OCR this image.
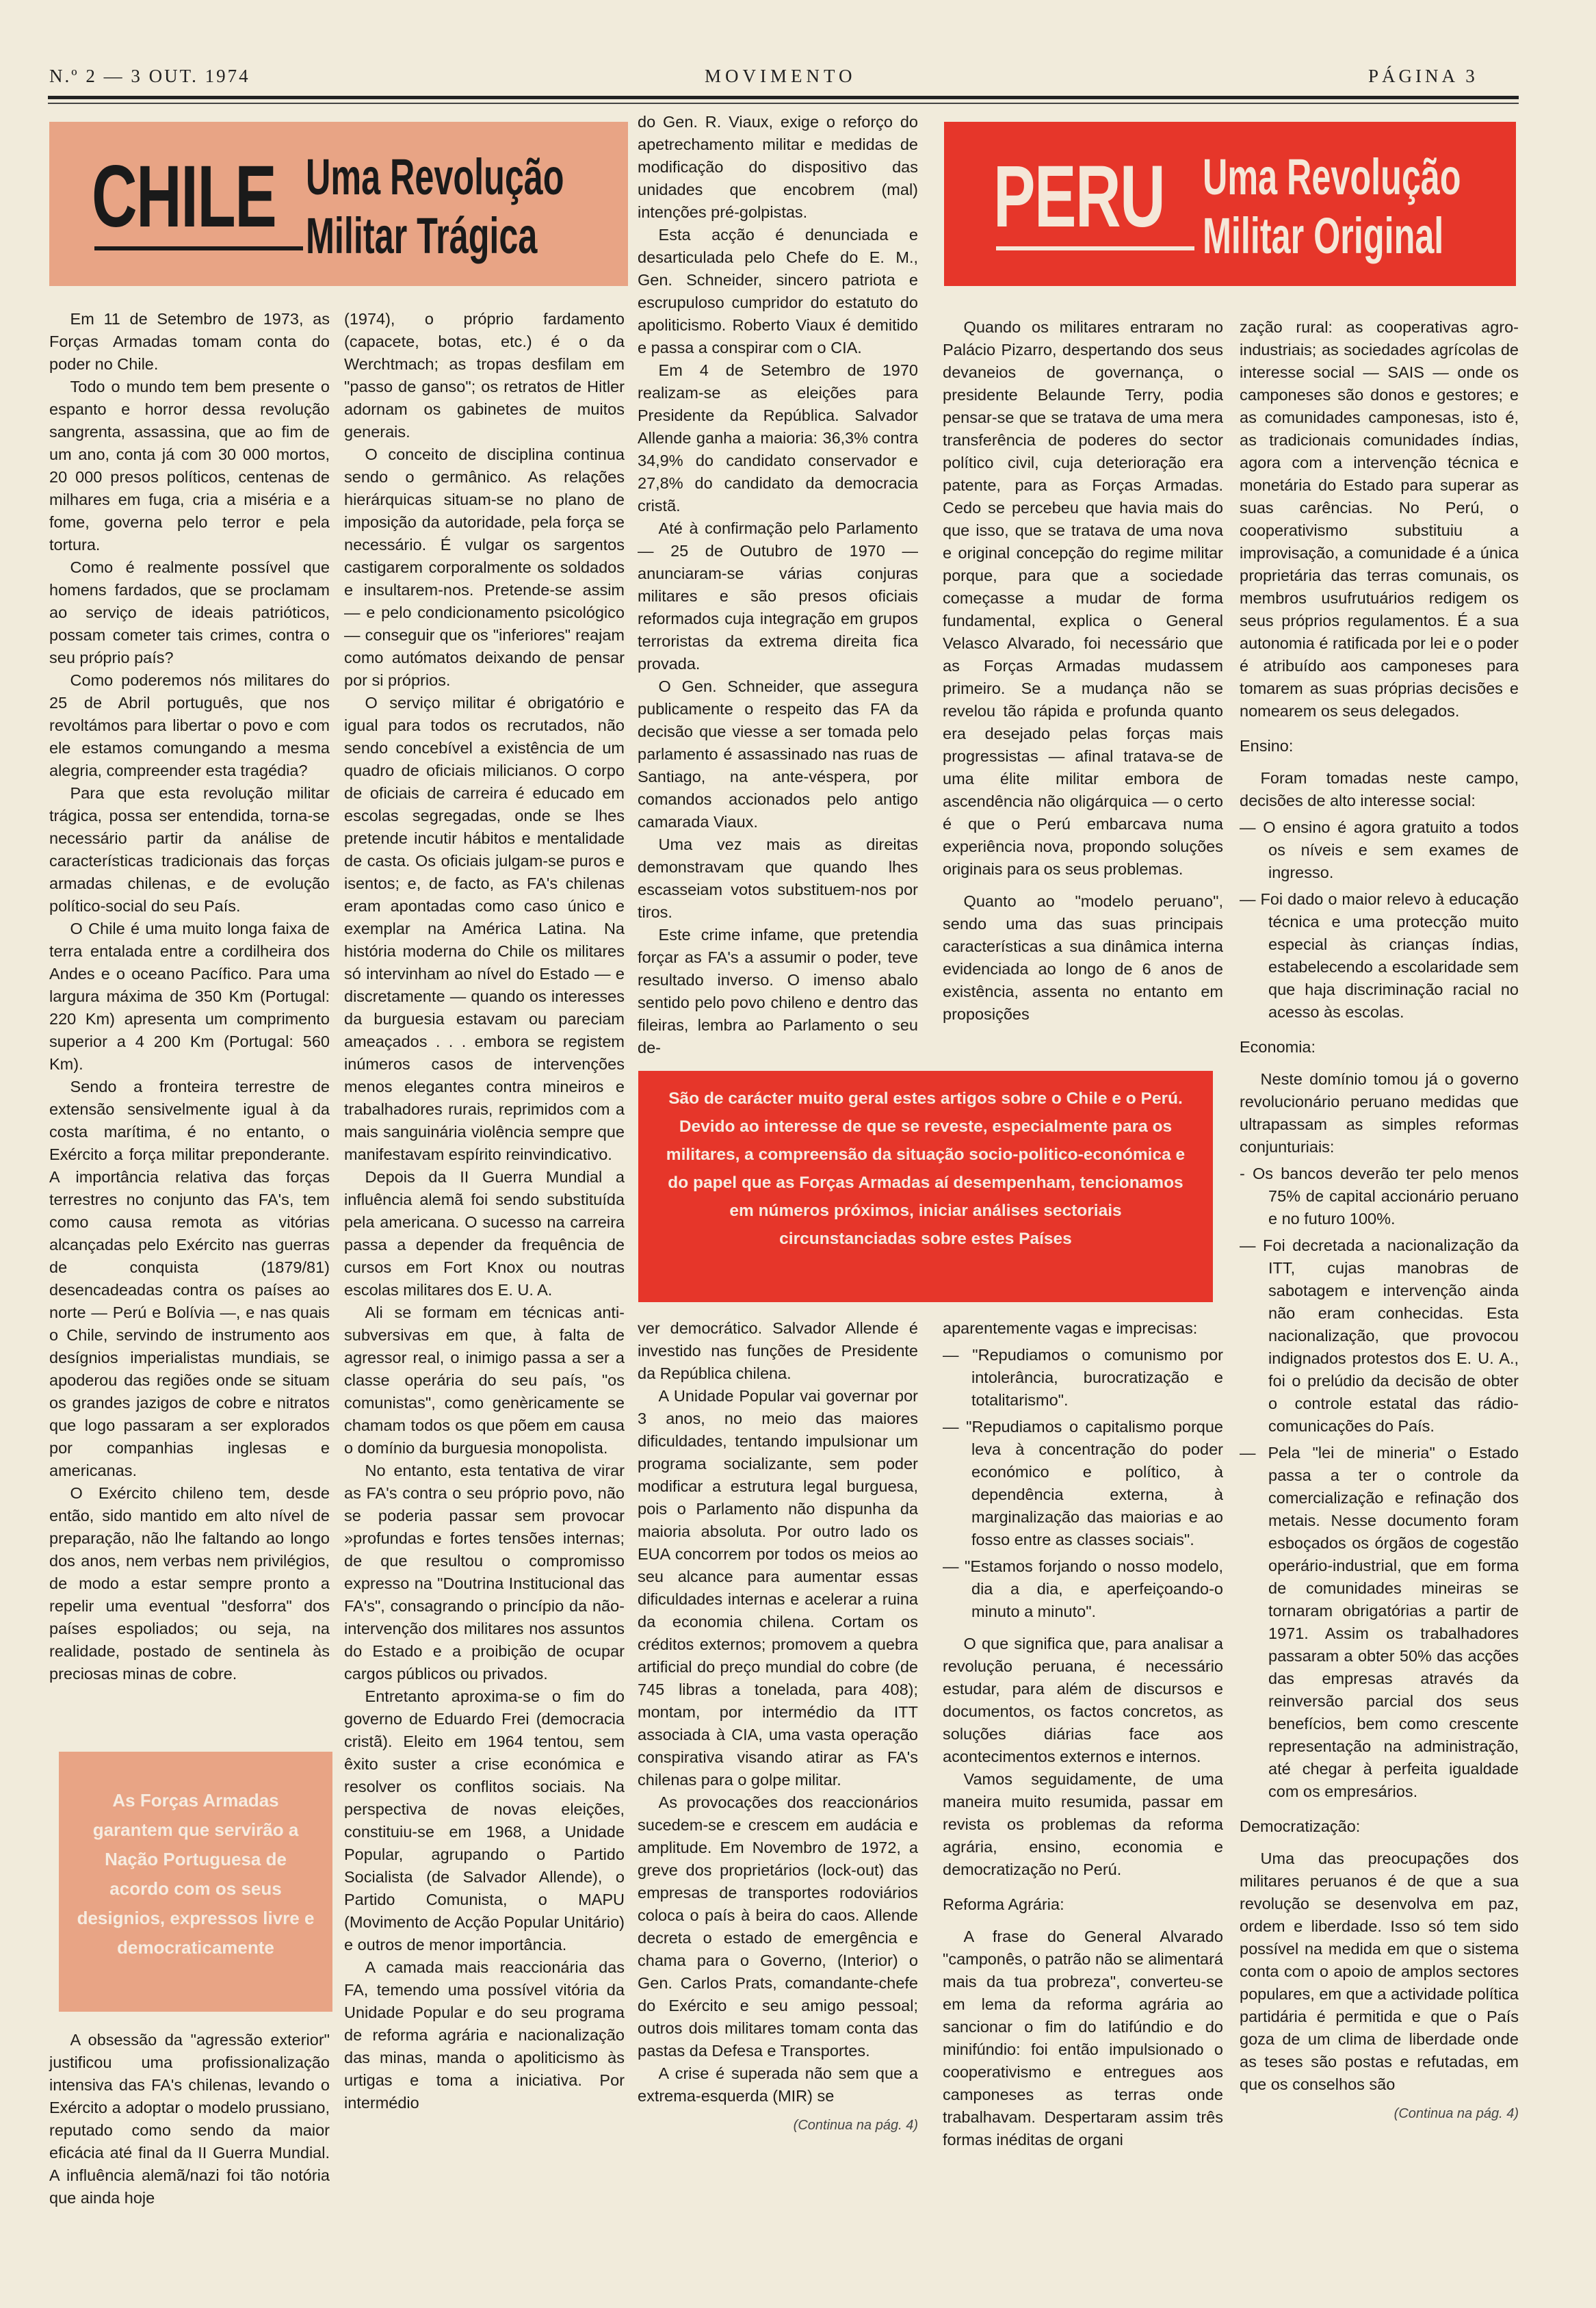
N.º 2 — 3 OUT. 1974	MOVIMENTO	PÁGINA 3
CHILE Uma Revolução
Militar Trágica	PERU Uma Revolução
Militar Original

Em 11 de Setembro de 1973, as Forças Armadas tomam conta do poder no Chile.

Todo o mundo tem bem presente o espanto e horror dessa revolução sangrenta, assassina, que ao fim de um ano, conta já com 30 000 mortos, 20 000 presos políticos, centenas de milhares em fuga, cria a miséria e a fome, governa pelo terror e pela tortura.

Como é realmente possível que homens fardados, que se proclamam ao serviço de ideais patrióticos, possam cometer tais crimes, contra o seu próprio país?

Como poderemos nós militares do 25 de Abril português, que nos revoltámos para libertar o povo e com ele estamos comungando a mesma alegria, compreender esta tragédia?

Para que esta revolução militar trágica, possa ser entendida, torna-se necessário partir da análise de características tradicionais das forças armadas chilenas, e de evolução político-social do seu País.

O Chile é uma muito longa faixa de terra entalada entre a cordilheira dos Andes e o oceano Pacífico. Para uma largura máxima de 350 Km (Portugal: 220 Km) apresenta um comprimento superior a 4 200 Km (Portugal: 560 Km).

Sendo a fronteira terrestre de extensão sensivelmente igual à da costa marítima, é no entanto, o Exército a força militar preponderante. A importância relativa das forças terrestres no conjunto das FA's, tem como causa remota as vitórias alcançadas pelo Exército nas guerras de conquista (1879/81) desencadeadas contra os países ao norte — Perú e Bolívia —, e nas quais o Chile, servindo de instrumento aos desígnios imperialistas mundiais, se apoderou das regiões onde se situam os grandes jazigos de cobre e nitratos que logo passaram a ser explorados por companhias inglesas e americanas.

O Exército chileno tem, desde então, sido mantido em alto nível de preparação, não lhe faltando ao longo dos anos, nem verbas nem privilégios, de modo a estar sempre pronto a repelir uma eventual "desforra" dos países espoliados; ou seja, na realidade, postado de sentinela às preciosas minas de cobre.

As Forças Armadas garantem que servirão a Nação Portuguesa de acordo com os seus designios, expressos livre e democraticamente

A obsessão da "agressão exterior" justificou uma profissionalização intensiva das FA's chilenas, levando o Exército a adoptar o modelo prussiano, reputado como sendo da maior eficácia até final da II Guerra Mundial. A influência alemã/nazi foi tão notória que ainda hoje

(1974), o próprio fardamento (capacete, botas, etc.) é o da Werchtmach; as tropas desfilam em "passo de ganso"; os retratos de Hitler adornam os gabinetes de muitos generais.

O conceito de disciplina continua sendo o germânico. As relações hierárquicas situam-se no plano de imposição da autoridade, pela força se necessário. É vulgar os sargentos castigarem corporalmente os soldados e insultarem-nos. Pretende-se assim — e pelo condicionamento psicológico — conseguir que os "inferiores" reajam como autómatos deixando de pensar por si próprios.

O serviço militar é obrigatório e igual para todos os recrutados, não sendo concebível a existência de um quadro de oficiais milicianos. O corpo de oficiais de carreira é educado em escolas segregadas, onde se lhes pretende incutir hábitos e mentalidade de casta. Os oficiais julgam-se puros e isentos; e, de facto, as FA's chilenas eram apontadas como caso único e exemplar na América Latina. Na história moderna do Chile os militares só intervinham ao nível do Estado — e discretamente — quando os interesses da burguesia estavam ou pareciam ameaçados . . . embora se registem inúmeros casos de intervenções menos elegantes contra mineiros e trabalhadores rurais, reprimidos com a mais sanguinária violência sempre que manifestavam espírito reinvindicativo.

Depois da II Guerra Mundial a influência alemã foi sendo substituída pela americana. O sucesso na carreira passa a depender da frequência de cursos em Fort Knox ou noutras escolas militares dos E. U. A.

Ali se formam em técnicas anti-subversivas em que, à falta de agressor real, o inimigo passa a ser a classe operária do seu país, "os comunistas", como genèricamente se chamam todos os que põem em causa o domínio da burguesia monopolista.

No entanto, esta tentativa de virar as FA's contra o seu próprio povo, não se poderia passar sem provocar »profundas e fortes tensões internas; de que resultou o compromisso expresso na "Doutrina Institucional das FA's", consagrando o princípio da não-intervenção dos militares nos assuntos do Estado e a proibição de ocupar cargos públicos ou privados.

Entretanto aproxima-se o fim do governo de Eduardo Frei (democracia cristã). Eleito em 1964 tentou, sem êxito suster a crise económica e resolver os conflitos sociais. Na perspectiva de novas eleições, constituiu-se em 1968, a Unidade Popular, agrupando o Partido Socialista (de Salvador Allende), o Partido Comunista, o MAPU (Movimento de Acção Popular Unitário) e outros de menor importância.

A camada mais reaccionária das FA, temendo uma possível vitória da Unidade Popular e do seu programa de reforma agrária e nacionalização das minas, manda o apoliticismo às urtigas e toma a iniciativa. Por intermédio

do Gen. R. Viaux, exige o reforço do apetrechamento militar e medidas de modificação do dispositivo das unidades que encobrem (mal) intenções pré-golpistas.

Esta acção é denunciada e desarticulada pelo Chefe do E. M., Gen. Schneider, sincero patriota e escrupuloso cumpridor do estatuto do apoliticismo. Roberto Viaux é demitido e passa a conspirar com o CIA.

Em 4 de Setembro de 1970 realizam-se as eleições para Presidente da República. Salvador Allende ganha a maioria: 36,3% contra 34,9% do candidato conservador e 27,8% do candidato da democracia cristã.

Até à confirmação pelo Parlamento — 25 de Outubro de 1970 — anunciaram-se várias conjuras militares e são presos oficiais reformados cuja integração em grupos terroristas da extrema direita fica provada.

O Gen. Schneider, que assegura publicamente o respeito das FA da decisão que viesse a ser tomada pelo parlamento é assassinado nas ruas de Santiago, na ante-véspera, por comandos accionados pelo antigo camarada Viaux.

Uma vez mais as direitas demonstravam que quando lhes escasseiam votos substituem-nos por tiros.

Este crime infame, que pretendia forçar as FA's a assumir o poder, teve resultado inverso. O imenso abalo sentido pelo povo chileno e dentro das fileiras, lembra ao Parlamento o seu de-

São de carácter muito geral estes artigos sobre o Chile e o Perú. Devido ao interesse de que se reveste, especialmente para os militares, a compreensão da situação socio-politico-económica e do papel que as Forças Armadas aí desempenham, tencionamos em números próximos, iniciar análises sectoriais circunstanciadas sobre estes Países

ver democrático. Salvador Allende é investido nas funções de Presidente da República chilena.

A Unidade Popular vai governar por 3 anos, no meio das maiores dificuldades, tentando impulsionar um programa socializante, sem poder modificar a estrutura legal burguesa, pois o Parlamento não dispunha da maioria absoluta. Por outro lado os EUA concorrem por todos os meios ao seu alcance para aumentar essas dificuldades internas e acelerar a ruina da economia chilena. Cortam os créditos externos; promovem a quebra artificial do preço mundial do cobre (de 745 libras a tonelada, para 408); montam, por intermédio da ITT associada à CIA, uma vasta operação conspirativa visando atirar as FA's chilenas para o golpe militar.

As provocações dos reaccionários sucedem-se e crescem em audácia e amplitude. Em Novembro de 1972, a greve dos proprietários (lock-out) das empresas de transportes rodoviários coloca o país à beira do caos. Allende decreta o estado de emergência e chama para o Governo, (Interior) o Gen. Carlos Prats, comandante-chefe do Exército e seu amigo pessoal; outros dois militares tomam conta das pastas da Defesa e Transportes.

A crise é superada não sem que a extrema-esquerda (MIR) se

(Continua na pág. 4)

Quando os militares entraram no Palácio Pizarro, despertando dos seus devaneios de governança, o presidente Belaunde Terry, podia pensar-se que se tratava de uma mera transferência de poderes do sector político civil, cuja deterioração era patente, para as Forças Armadas. Cedo se percebeu que havia mais do que isso, que se tratava de uma nova e original concepção do regime militar porque, para que a sociedade começasse a mudar de forma fundamental, explica o General Velasco Alvarado, foi necessário que as Forças Armadas mudassem primeiro. Se a mudança não se revelou tão rápida e profunda quanto era desejado pelas forças mais progressistas — afinal tratava-se de uma élite militar embora de ascendência não oligárquica — o certo é que o Perú embarcava numa experiência nova, propondo soluções originais para os seus problemas.

Quanto ao "modelo peruano", sendo uma das suas principais características a sua dinâmica interna evidenciada ao longo de 6 anos de existência, assenta no entanto em proposições

aparentemente vagas e imprecisas:

— "Repudiamos o comunismo por intolerância, burocratização e totalitarismo".
— "Repudiamos o capitalismo porque leva à concentração do poder económico e político, à dependência externa, à marginalização das maiorias e ao fosso entre as classes sociais".
— "Estamos forjando o nosso modelo, dia a dia, e aperfeiçoando-o minuto a minuto".

O que significa que, para analisar a revolução peruana, é necessário estudar, para além de discursos e documentos, os factos concretos, as soluções diárias face aos acontecimentos externos e internos.

Vamos seguidamente, de uma maneira muito resumida, passar em revista os problemas da reforma agrária, ensino, economia e democratização no Perú.

Reforma Agrária:

A frase do General Alvarado "camponês, o patrão não se alimentará mais da tua probreza", converteu-se em lema da reforma agrária ao sancionar o fim do latifúndio e do minifúndio: foi então impulsionado o cooperativismo e entregues aos camponeses as terras onde trabalhavam. Despertaram assim três formas inéditas de organi

zação rural: as cooperativas agro-industriais; as sociedades agrícolas de interesse social — SAIS — onde os camponeses são donos e gestores; e as comunidades camponesas, isto é, as tradicionais comunidades índias, agora com a intervenção técnica e monetária do Estado para superar as suas carências. No Perú, o cooperativismo substituiu a improvisação, a comunidade é a única proprietária das terras comunais, os membros usufrutuários redigem os seus próprios regulamentos. É a sua autonomia é ratificada por lei e o poder é atribuído aos camponeses para tomarem as suas próprias decisões e nomearem os seus delegados.

Ensino:

Foram tomadas neste campo, decisões de alto interesse social:

— O ensino é agora gratuito a todos os níveis e sem exames de ingresso.
— Foi dado o maior relevo à educação técnica e uma protecção muito especial às crianças índias, estabelecendo a escolaridade sem que haja discriminação racial no acesso às escolas.

Economia:

Neste domínio tomou já o governo revolucionário peruano medidas que ultrapassam as simples reformas conjunturiais:

- Os bancos deverão ter pelo menos 75% de capital accionário peruano e no futuro 100%.
— Foi decretada a nacionalização da ITT, cujas manobras de sabotagem e intervenção ainda não eram conhecidas. Esta nacionalização, que provocou indignados protestos dos E. U. A., foi o prelúdio da decisão de obter o controle estatal das rádio-comunicações do País.
— Pela "lei de mineria" o Estado passa a ter o controle da comercialização e refinação dos metais. Nesse documento foram esboçados os órgãos de cogestão operário-industrial, que em forma de comunidades mineiras se tornaram obrigatórias a partir de 1971. Assim os trabalhadores passaram a obter 50% das acções das empresas através da reinversão parcial dos seus benefícios, bem como crescente representação na administração, até chegar à perfeita igualdade com os empresários.

Democratização:

Uma das preocupações dos militares peruanos é de que a sua revolução se desenvolva em paz, ordem e liberdade. Isso só tem sido possível na medida em que o sistema conta com o apoio de amplos sectores populares, em que a actividade política partidária é permitida e que o País goza de um clima de liberdade onde as teses são postas e refutadas, em que os conselhos são

(Continua na pág. 4)
